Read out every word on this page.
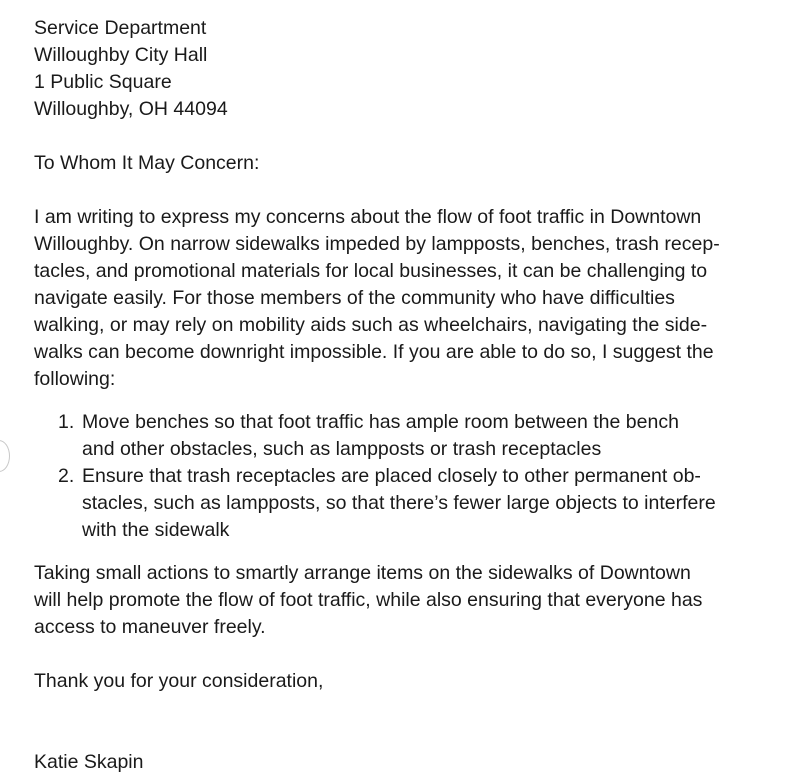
Service Department
Willoughby City Hall
1 Public Square
Willoughby, OH 44094
To Whom It May Concern:
I am writing to express my concerns about the flow of foot traffic in Downtown
Willoughby. On narrow sidewalks impeded by lampposts, benches, trash recep-
tacles, and promotional materials for local businesses, it can be challenging to
navigate easily. For those members of the community who have difficulties
walking, or may rely on mobility aids such as wheelchairs, navigating the side-
walks can become downright impossible. If you are able to do so, I suggest the
following:
1. Move benches so that foot traffic has ample room between the bench
and other obstacles, such as lampposts or trash receptacles
2. Ensure that trash receptacles are placed closely to other permanent ob-
stacles, such as lampposts, so that there’s fewer large objects to interfere
with the sidewalk
Taking small actions to smartly arrange items on the sidewalks of Downtown
will help promote the flow of foot traffic, while also ensuring that everyone has
access to maneuver freely.
Thank you for your consideration,
Katie Skapin
